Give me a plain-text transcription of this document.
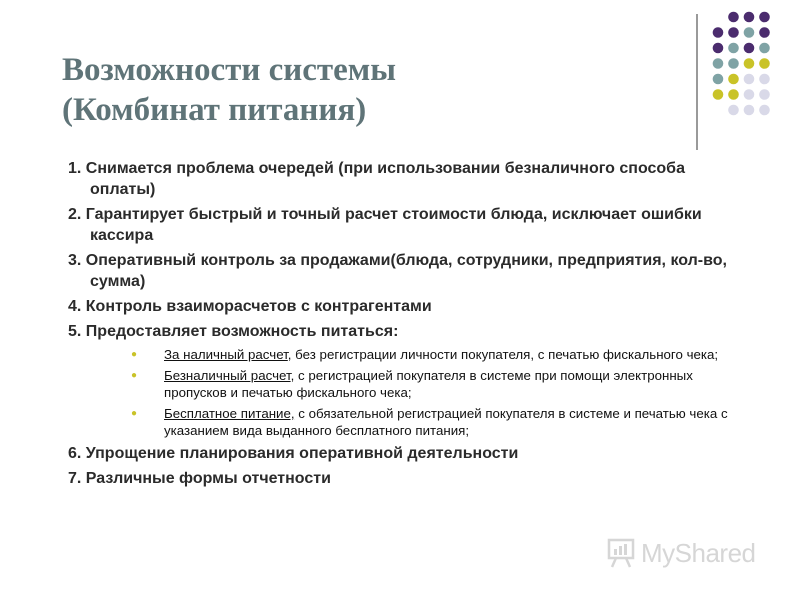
Возможности системы
(Комбинат питания)

1. Снимается проблема очередей (при использовании безналичного способа оплаты)

2. Гарантирует быстрый и точный расчет стоимости блюда, исключает ошибки кассира

3. Оперативный контроль за продажами(блюда, сотрудники, предприятия, кол-во, сумма)

4. Контроль взаиморасчетов с контрагентами

5. Предоставляет возможность питаться:

● За наличный расчет, без регистрации личности покупателя, с печатью фискального чека;
● Безналичный расчет, с регистрацией покупателя в системе при помощи электронных пропусков и печатью фискального чека;
● Бесплатное питание, с обязательной регистрацией покупателя в системе и печатью чека с указанием вида выданного бесплатного питания;

6. Упрощение планирования оперативной деятельности

7. Различные формы отчетности

MyShared
